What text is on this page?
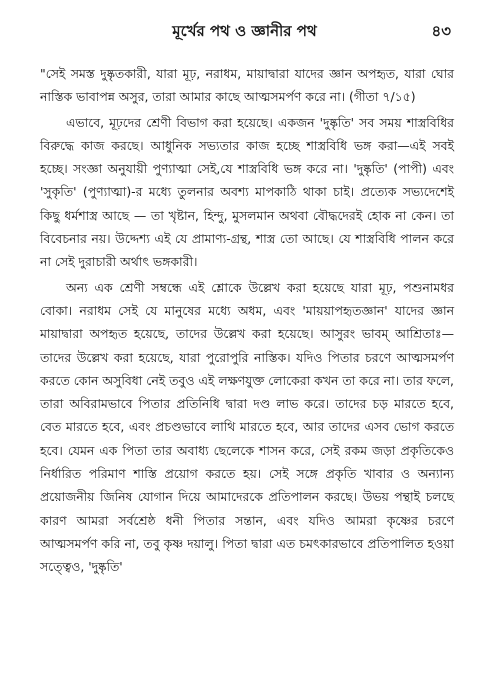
মূর্খের পথ ও জ্ঞানীর পথ	৪৩

"সেই সমস্ত দুষ্কৃতকারী, যারা মূঢ়, নরাধম, মায়াদ্বারা যাদের জ্ঞান অপহৃত, যারা ঘোর নাস্তিক ভাবাপন্ন অসুর, তারা আমার কাছে আত্মসমর্পণ করে না। (গীতা ৭/১৫)

এভাবে, মূঢ়দের শ্রেণী বিভাগ করা হয়েছে। একজন 'দুষ্কৃতি' সব সময় শাস্ত্রবিধির বিরুদ্ধে কাজ করছে। আধুনিক সভ্যতার কাজ হচ্ছে শাস্ত্রবিধি ভঙ্গ করা—এই সবই হচ্ছে। সংজ্ঞা অনুযায়ী পুণ্যাত্মা সেই,যে শাস্ত্রবিধি ভঙ্গ করে না। 'দুষ্কৃতি' (পাপী) এবং 'সুকৃতি' (পুণ্যাত্মা)-র মধ্যে তুলনার অবশ্য মাপকাঠি থাকা চাই। প্রত্যেক সভ্যদেশেই কিছু ধর্মশাস্ত্র আছে — তা খৃষ্টান, হিন্দু, মুসলমান অথবা বৌদ্ধদেরই হোক না কেন। তা বিবেচনার নয়। উদ্দেশ্য এই যে প্রামাণ্য-গ্রন্থ, শাস্ত্র তো আছে। যে শাস্ত্রবিধি পালন করে না সেই দুরাচারী অর্থাৎ ভঙ্গকারী।

অন্য এক শ্রেণী সম্বন্ধে এই শ্লোকে উল্লেখ করা হয়েছে যারা মূঢ়, পশুনামধর বোকা। নরাধম সেই যে মানুষের মধ্যে অধম, এবং 'মায়য়াপহৃতজ্ঞান' যাদের জ্ঞান মায়াদ্বারা অপহৃত হয়েছে, তাদের উল্লেখ করা হয়েছে। আসুরং ভাবম্ আশ্রিতাঃ— তাদের উল্লেখ করা হয়েছে, যারা পুরোপুরি নাস্তিক। যদিও পিতার চরণে আত্মসমর্পণ করতে কোন অসুবিধা নেই তবুও এই লক্ষণযুক্ত লোকেরা কখন তা করে না। তার ফলে, তারা অবিরামভাবে পিতার প্রতিনিধি দ্বারা দণ্ড লাভ করে। তাদের চড় মারতে হবে, বেত মারতে হবে, এবং প্রচণ্ডভাবে লাথি মারতে হবে, আর তাদের এসব ভোগ করতে হবে। যেমন এক পিতা তার অবাধ্য ছেলেকে শাসন করে, সেই রকম জড়া প্রকৃতিকেও নির্ধারিত পরিমাণ শাস্তি প্রয়োগ করতে হয়। সেই সঙ্গে প্রকৃতি খাবার ও অন্যান্য প্রয়োজনীয় জিনিষ যোগান দিয়ে আমাদেরকে প্রতিপালন করছে। উভয় পন্থাই চলছে কারণ আমরা সর্বশ্রেষ্ঠ ধনী পিতার সন্তান, এবং যদিও আমরা কৃষ্ণের চরণে আত্মসমর্পণ করি না, তবু কৃষ্ণ দয়ালু। পিতা দ্বারা এত চমৎকারভাবে প্রতিপালিত হওয়া সত্ত্বেও, 'দুষ্কৃতি'
